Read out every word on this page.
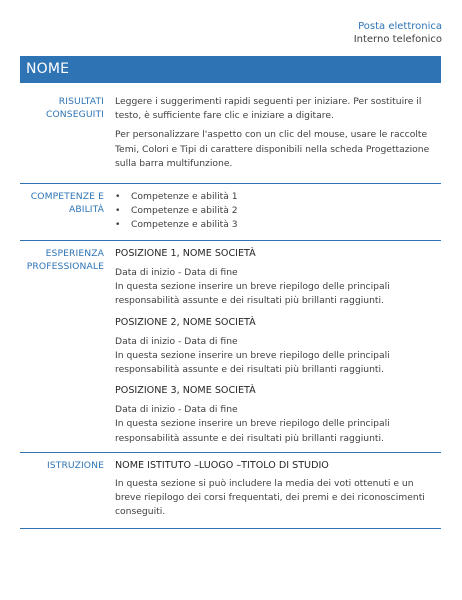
Posta elettronica
Interno telefonico
NOME
RISULTATI
CONSEGUITI

Leggere i suggerimenti rapidi seguenti per iniziare. Per sostituire il testo, è sufficiente fare clic e iniziare a digitare.

Per personalizzare l'aspetto con un clic del mouse, usare le raccolte Temi, Colori e Tipi di carattere disponibili nella scheda Progettazione sulla barra multifunzione.

COMPETENZE E
ABILITÀ
• Competenze e abilità 1
• Competenze e abilità 2
• Competenze e abilità 3
ESPERIENZA
PROFESSIONALE
POSIZIONE 1, NOME SOCIETÀ
Data di inizio - Data di fine
In questa sezione inserire un breve riepilogo delle principali responsabilità assunte e dei risultati più brillanti raggiunti.
POSIZIONE 2, NOME SOCIETÀ
Data di inizio - Data di fine
In questa sezione inserire un breve riepilogo delle principali responsabilità assunte e dei risultati più brillanti raggiunti.
POSIZIONE 3, NOME SOCIETÀ
Data di inizio - Data di fine
In questa sezione inserire un breve riepilogo delle principali responsabilità assunte e dei risultati più brillanti raggiunti.
ISTRUZIONE NOME ISTITUTO –LUOGO –TITOLO DI STUDIO
In questa sezione si può includere la media dei voti ottenuti e un breve riepilogo dei corsi frequentati, dei premi e dei riconoscimenti conseguiti.
